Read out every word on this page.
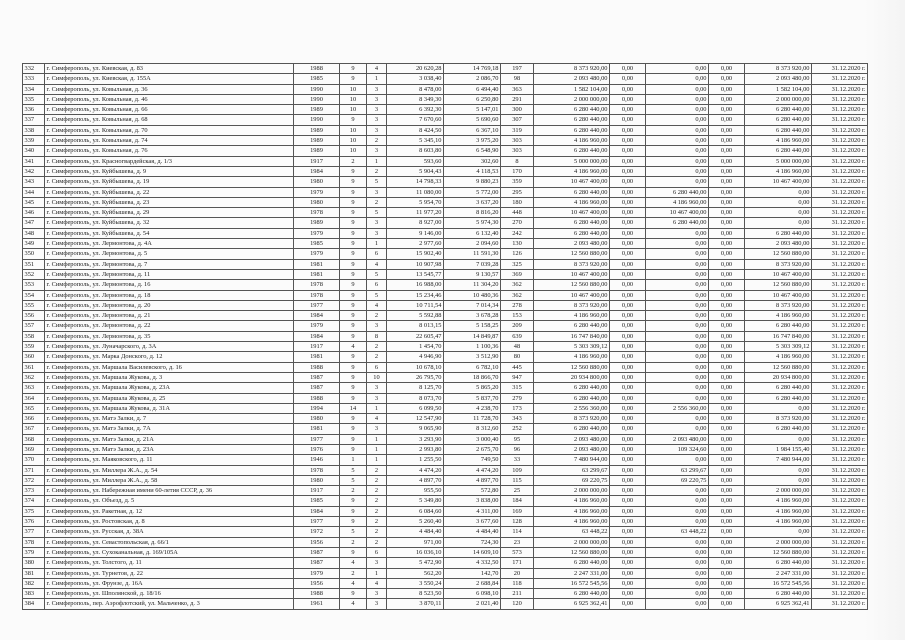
332	г. Симферополь, ул. Киевская, д. 83	1988	9	4	20 620,28	14 769,18	197	8 373 920,00	0,00	0,00	0,00	8 373 920,00	31.12.2020 г.
333	г. Симферополь, ул. Киевская, д. 155А	1985	9	1	3 038,40	2 086,70	98	2 093 480,00	0,00	0,00	0,00	2 093 480,00	31.12.2020 г.
334	г. Симферополь, ул. Ковыльная, д. 36	1990	10	3	8 478,00	6 494,40	363	1 582 104,00	0,00	0,00	0,00	1 582 104,00	31.12.2020 г.
335	г. Симферополь, ул. Ковыльная, д. 46	1990	10	3	8 349,30	6 250,80	291	2 000 000,00	0,00	0,00	0,00	2 000 000,00	31.12.2020 г.
336	г. Симферополь, ул. Ковыльная, д. 66	1989	10	3	6 392,30	5 147,01	300	6 280 440,00	0,00	0,00	0,00	6 280 440,00	31.12.2020 г.
337	г. Симферополь, ул. Ковыльная, д. 68	1990	9	3	7 670,60	5 690,60	307	6 280 440,00	0,00	0,00	0,00	6 280 440,00	31.12.2020 г.
338	г. Симферополь, ул. Ковыльная, д. 70	1989	10	3	8 424,50	6 367,10	319	6 280 440,00	0,00	0,00	0,00	6 280 440,00	31.12.2020 г.
339	г. Симферополь, ул. Ковыльная, д. 74	1989	10	2	5 345,10	3 975,20	303	4 186 960,00	0,00	0,00	0,00	4 186 960,00	31.12.2020 г.
340	г. Симферополь, ул. Ковыльная, д. 76	1989	10	3	8 603,80	6 548,90	303	6 280 440,00	0,00	0,00	0,00	6 280 440,00	31.12.2020 г.
341	г. Симферополь, ул. Красногвардейская, д. 1/3	1917	2	1	593,60	302,60	8	5 000 000,00	0,00	0,00	0,00	5 000 000,00	31.12.2020 г.
342	г. Симферополь, ул. Куйбышева, д. 9	1984	9	2	5 904,43	4 118,53	170	4 186 960,00	0,00	0,00	0,00	4 186 960,00	31.12.2020 г.
343	г. Симферополь, ул. Куйбышева, д. 19	1980	9	5	14 798,33	9 880,23	359	10 467 400,00	0,00	0,00	0,00	10 467 400,00	31.12.2020 г.
344	г. Симферополь, ул. Куйбышева, д. 22	1979	9	3	11 080,00	5 772,00	295	6 280 440,00	0,00	6 280 440,00	0,00	0,00	31.12.2020 г.
345	г. Симферополь, ул. Куйбышева, д. 23	1980	9	2	5 954,70	3 637,20	180	4 186 960,00	0,00	4 186 960,00	0,00	0,00	31.12.2020 г.
346	г. Симферополь, ул. Куйбышева, д. 29	1978	9	5	11 977,20	8 816,20	448	10 467 400,00	0,00	10 467 400,00	0,00	0,00	31.12.2020 г.
347	г. Симферополь, ул. Куйбышева, д. 32	1989	9	3	8 927,00	5 974,30	270	6 280 440,00	0,00	6 280 440,00	0,00	0,00	31.12.2020 г.
348	г. Симферополь, ул. Куйбышева, д. 54	1979	9	3	9 146,00	6 132,40	242	6 280 440,00	0,00	0,00	0,00	6 280 440,00	31.12.2020 г.
349	г. Симферополь, ул. Лермонтова, д. 4А	1985	9	1	2 977,60	2 094,60	130	2 093 480,00	0,00	0,00	0,00	2 093 480,00	31.12.2020 г.
350	г. Симферополь, ул. Лермонтова, д. 5	1979	9	6	15 902,40	11 591,30	126	12 560 880,00	0,00	0,00	0,00	12 560 880,00	31.12.2020 г.
351	г. Симферополь, ул. Лермонтова, д. 7	1981	9	4	10 907,98	7 039,28	325	8 373 920,00	0,00	0,00	0,00	8 373 920,00	31.12.2020 г.
352	г. Симферополь, ул. Лермонтова, д. 11	1981	9	5	13 545,77	9 130,57	369	10 467 400,00	0,00	0,00	0,00	10 467 400,00	31.12.2020 г.
353	г. Симферополь, ул. Лермонтова, д. 16	1978	9	6	16 988,00	11 304,20	362	12 560 880,00	0,00	0,00	0,00	12 560 880,00	31.12.2020 г.
354	г. Симферополь, ул. Лермонтова, д. 18	1978	9	5	15 234,46	10 480,36	362	10 467 400,00	0,00	0,00	0,00	10 467 400,00	31.12.2020 г.
355	г. Симферополь, ул. Лермонтова, д. 20	1977	9	4	10 711,54	7 014,34	278	8 373 920,00	0,00	0,00	0,00	8 373 920,00	31.12.2020 г.
356	г. Симферополь, ул. Лермонтова, д. 21	1984	9	2	5 592,88	3 678,28	153	4 186 960,00	0,00	0,00	0,00	4 186 960,00	31.12.2020 г.
357	г. Симферополь, ул. Лермонтова, д. 22	1979	9	3	8 013,15	5 158,25	209	6 280 440,00	0,00	0,00	0,00	6 280 440,00	31.12.2020 г.
358	г. Симферополь, ул. Лермонтова, д. 35	1984	9	8	22 605,47	14 849,87	639	16 747 840,00	0,00	0,00	0,00	16 747 840,00	31.12.2020 г.
359	г. Симферополь, ул. Луначарского, д. 3А	1917	4	2	1 454,70	1 100,36	48	5 303 309,12	0,00	0,00	0,00	5 303 309,12	31.12.2020 г.
360	г. Симферополь, ул. Марка Донского, д. 12	1981	9	2	4 946,90	3 512,90	80	4 186 960,00	0,00	0,00	0,00	4 186 960,00	31.12.2020 г.
361	г. Симферополь, ул. Маршала Василевского, д. 16	1988	9	6	10 678,10	6 782,10	445	12 560 880,00	0,00	0,00	0,00	12 560 880,00	31.12.2020 г.
362	г. Симферополь, ул. Маршала Жукова, д. 3	1987	9	10	26 795,70	18 866,70	947	20 934 800,00	0,00	0,00	0,00	20 934 800,00	31.12.2020 г.
363	г. Симферополь, ул. Маршала Жукова, д. 23А	1987	9	3	8 125,70	5 865,20	315	6 280 440,00	0,00	0,00	0,00	6 280 440,00	31.12.2020 г.
364	г. Симферополь, ул. Маршала Жукова, д. 25	1988	9	3	8 073,70	5 837,70	279	6 280 440,00	0,00	0,00	0,00	6 280 440,00	31.12.2020 г.
365	г. Симферополь, ул. Маршала Жукова, д. 31А	1994	14	1	6 099,50	4 238,70	173	2 556 360,00	0,00	2 556 360,00	0,00	0,00	31.12.2020 г.
366	г. Симферополь, ул. Матэ Залки, д. 7	1980	9	4	12 547,90	11 728,70	343	8 373 920,00	0,00	0,00	0,00	8 373 920,00	31.12.2020 г.
367	г. Симферополь, ул. Матэ Залки, д. 7А	1981	9	3	9 065,90	8 312,60	252	6 280 440,00	0,00	0,00	0,00	6 280 440,00	31.12.2020 г.
368	г. Симферополь, ул. Матэ Залки, д. 21А	1977	9	1	3 293,90	3 000,40	95	2 093 480,00	0,00	2 093 480,00	0,00	0,00	31.12.2020 г.
369	г. Симферополь, ул. Матэ Залки, д. 23А	1976	9	1	2 993,80	2 675,70	96	2 093 480,00	0,00	109 324,60	0,00	1 984 155,40	31.12.2020 г.
370	г. Симферополь, ул. Маяковского, д. 11	1946	1	1	1 255,50	749,50	33	7 480 944,00	0,00	0,00	0,00	7 480 944,00	31.12.2020 г.
371	г. Симферополь, ул. Миллера Ж.А., д. 54	1978	5	2	4 474,20	4 474,20	109	63 299,67	0,00	63 299,67	0,00	0,00	31.12.2020 г.
372	г. Симферополь, ул. Миллера Ж.А., д. 58	1980	5	2	4 897,70	4 897,70	115	69 220,75	0,00	69 220,75	0,00	0,00	31.12.2020 г.
373	г. Симферополь, ул. Набережная имени 60-летия СССР, д. 36	1917	2	2	955,50	572,80	25	2 000 000,00	0,00	0,00	0,00	2 000 000,00	31.12.2020 г.
374	г. Симферополь, ул. Объезд, д. 5	1985	9	2	5 349,80	3 838,00	184	4 186 960,00	0,00	0,00	0,00	4 186 960,00	31.12.2020 г.
375	г. Симферополь, ул. Ракетная, д. 12	1984	9	2	6 084,60	4 311,00	169	4 186 960,00	0,00	0,00	0,00	4 186 960,00	31.12.2020 г.
376	г. Симферополь, ул. Ростовская, д. 8	1977	9	2	5 260,40	3 677,60	128	4 186 960,00	0,00	0,00	0,00	4 186 960,00	31.12.2020 г.
377	г. Симферополь, ул. Русская, д. 38А	1972	5	2	4 484,40	4 484,40	114	63 448,22	0,00	63 448,22	0,00	0,00	31.12.2020 г.
378	г. Симферополь, ул. Севастопольская, д. 66/1	1956	2	2	971,00	724,30	23	2 000 000,00	0,00	0,00	0,00	2 000 000,00	31.12.2020 г.
379	г. Симферополь, ул. Сухоканальная, д. 169/105А	1987	9	6	16 036,10	14 609,10	573	12 560 880,00	0,00	0,00	0,00	12 560 880,00	31.12.2020 г.
380	г. Симферополь, ул. Толстого, д. 11	1987	4	3	5 472,90	4 332,50	171	6 280 440,00	0,00	0,00	0,00	6 280 440,00	31.12.2020 г.
381	г. Симферополь, ул. Турнетов, д. 22	1979	2	1	562,20	142,70	20	2 247 331,00	0,00	0,00	0,00	2 247 331,00	31.12.2020 г.
382	г. Симферополь, ул. Фрунзе, д. 16А	1956	4	4	3 550,24	2 688,84	118	16 572 545,56	0,00	0,00	0,00	16 572 545,56	31.12.2020 г.
383	г. Симферополь, ул. Шполянской, д. 18/16	1988	9	3	8 523,50	6 098,10	211	6 280 440,00	0,00	0,00	0,00	6 280 440,00	31.12.2020 г.
384	г. Симферополь, пер. Аэрофлотский, ул. Мальченко, д. 3	1961	4	3	3 870,11	2 021,40	120	6 925 362,41	0,00	0,00	0,00	6 925 362,41	31.12.2020 г.
